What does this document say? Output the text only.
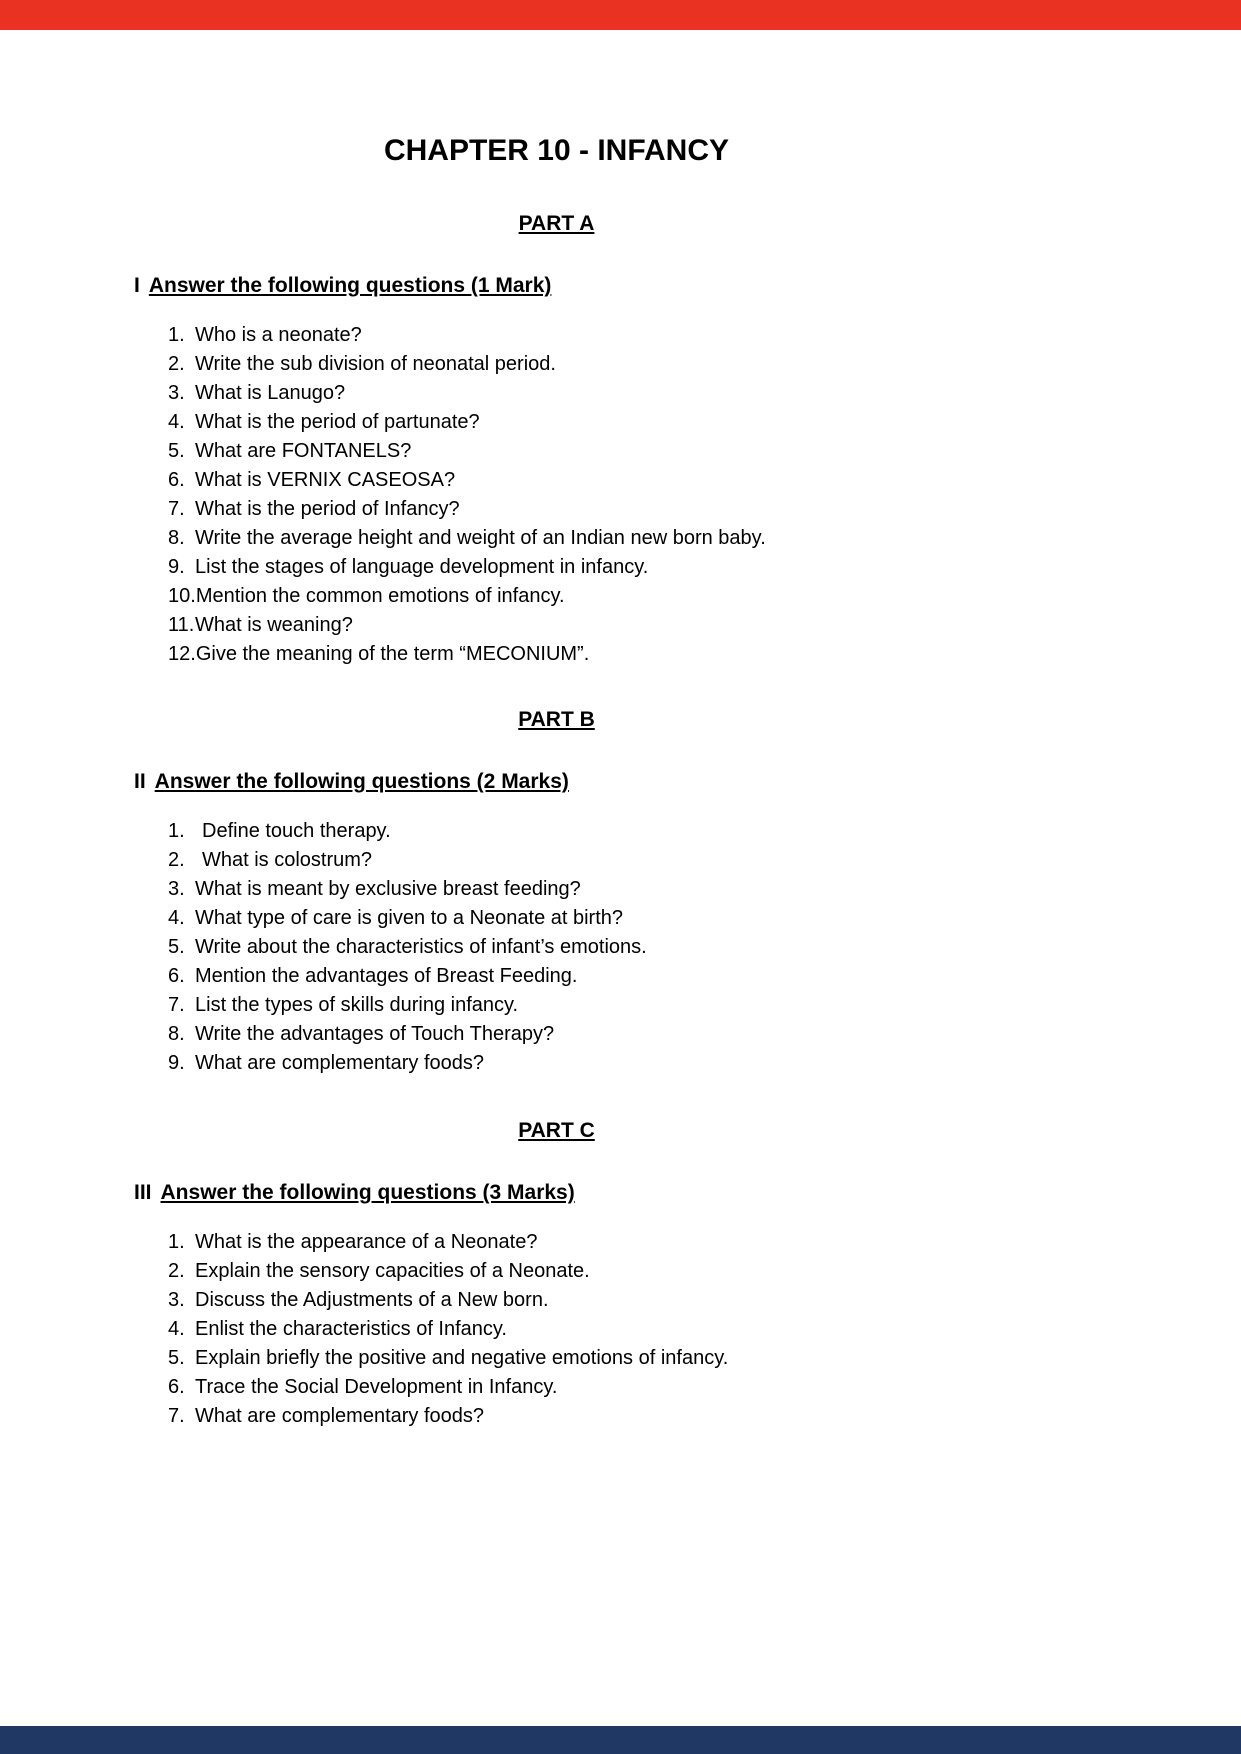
CHAPTER 10 - INFANCY
PART A
I Answer the following questions (1 Mark)
1. Who is a neonate?
2. Write the sub division of neonatal period.
3. What is Lanugo?
4. What is the period of partunate?
5. What are FONTANELS?
6. What is VERNIX CASEOSA?
7. What is the period of Infancy?
8. Write the average height and weight of an Indian new born baby.
9. List the stages of language development in infancy.
10. Mention the common emotions of infancy.
11. What is weaning?
12. Give the meaning of the term “MECONIUM”.
PART B
II Answer the following questions (2 Marks)
1. Define touch therapy.
2. What is colostrum?
3. What is meant by exclusive breast feeding?
4. What type of care is given to a Neonate at birth?
5. Write about the characteristics of infant’s emotions.
6. Mention the advantages of Breast Feeding.
7. List the types of skills during infancy.
8. Write the advantages of Touch Therapy?
9. What are complementary foods?
PART C
III Answer the following questions (3 Marks)
1. What is the appearance of a Neonate?
2. Explain the sensory capacities of a Neonate.
3. Discuss the Adjustments of a New born.
4. Enlist the characteristics of Infancy.
5. Explain briefly the positive and negative emotions of infancy.
6. Trace the Social Development in Infancy.
7. What are complementary foods?
